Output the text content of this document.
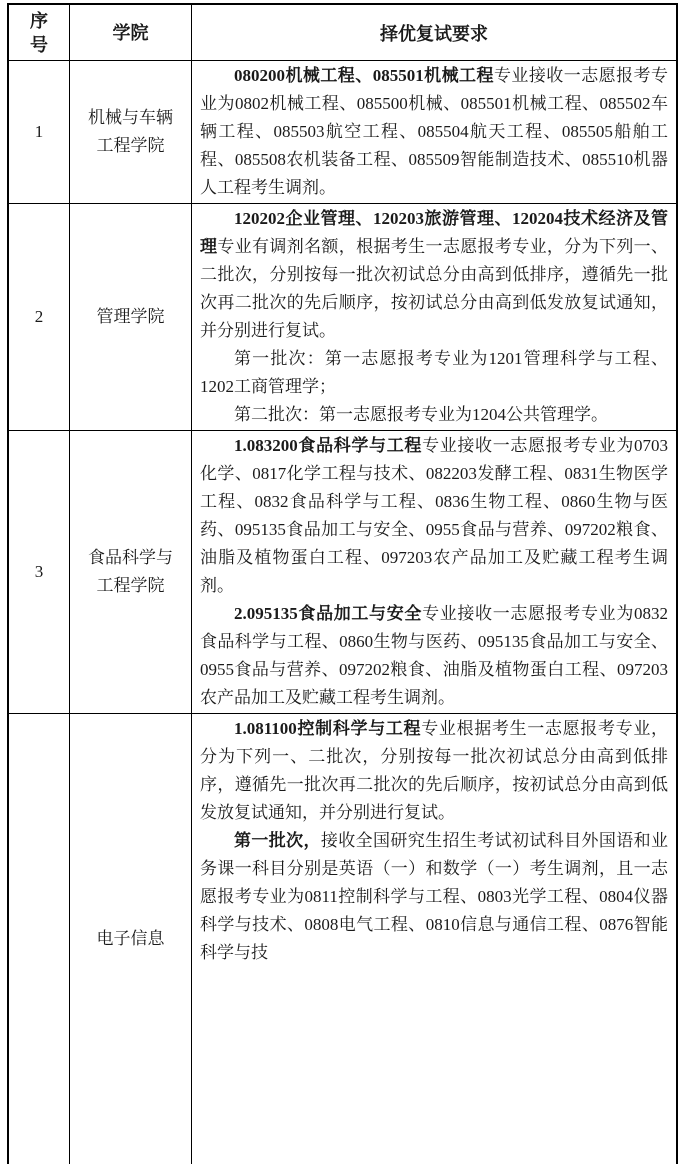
序
号
学院	择优复试要求
1
机械与车辆
工程学院

080200机械工程、085501机械工程专业接收一志愿报考专业为0802机械工程、085500机械、085501机械工程、085502车辆工程、085503航空工程、085504航天工程、085505船舶工程、085508农机装备工程、085509智能制造技术、085510机器人工程考生调剂。

2	管理学院

120202企业管理、120203旅游管理、120204技术经济及管理专业有调剂名额，根据考生一志愿报考专业，分为下列一、二批次，分别按每一批次初试总分由高到低排序，遵循先一批次再二批次的先后顺序，按初试总分由高到低发放复试通知，并分别进行复试。

第一批次：第一志愿报考专业为1201管理科学与工程、1202工商管理学；

第二批次：第一志愿报考专业为1204公共管理学。

3
食品科学与
工程学院

1.083200食品科学与工程专业接收一志愿报考专业为0703化学、0817化学工程与技术、082203发酵工程、0831生物医学工程、0832食品科学与工程、0836生物工程、0860生物与医药、095135食品加工与安全、0955食品与营养、097202粮食、油脂及植物蛋白工程、097203农产品加工及贮藏工程考生调剂。

2.095135食品加工与安全专业接收一志愿报考专业为0832食品科学与工程、0860生物与医药、095135食品加工与安全、0955食品与营养、097202粮食、油脂及植物蛋白工程、097203农产品加工及贮藏工程考生调剂。

电子信息

1.081100控制科学与工程专业根据考生一志愿报考专业，分为下列一、二批次，分别按每一批次初试总分由高到低排序，遵循先一批次再二批次的先后顺序，按初试总分由高到低发放复试通知，并分别进行复试。

第一批次，接收全国研究生招生考试初试科目外国语和业务课一科目分别是英语（一）和数学（一）考生调剂，且一志愿报考专业为0811控制科学与工程、0803光学工程、0804仪器科学与技术、0808电气工程、0810信息与通信工程、0876智能科学与技
